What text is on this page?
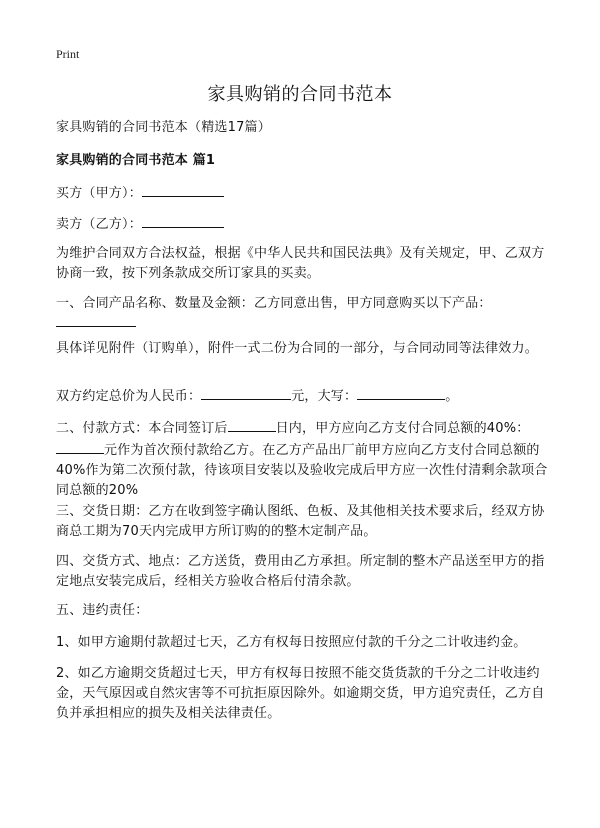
Print
家具购销的合同书范本
家具购销的合同书范本（精选17篇）
家具购销的合同书范本 篇1
买方（甲方）：
卖方（乙方）：
为维护合同双方合法权益，根据《中华人民共和国民法典》及有关规定，甲、乙双方协商一致，按下列条款成交所订家具的买卖。
一、合同产品名称、数量及金额：乙方同意出售，甲方同意购买以下产品：
具体详见附件（订购单），附件一式二份为合同的一部分，与合同动同等法律效力。
双方约定总价为人民币：	元，大写：	。
二、付款方式：本合同签订后	日内，甲方应向乙方支付合同总额的40%：元作为首次预付款给乙方。在乙方产品出厂前甲方应向乙方支付合同总额的40%作为第二次预付款，待该项目安装以及验收完成后甲方应一次性付清剩余款项合同总额的20%
三、交货日期：乙方在收到签字确认图纸、色板、及其他相关技术要求后，经双方协商总工期为70天内完成甲方所订购的的整木定制产品。
四、交货方式、地点：乙方送货，费用由乙方承担。所定制的整木产品送至甲方的指定地点安装完成后，经相关方验收合格后付清余款。
五、违约责任：
1、如甲方逾期付款超过七天，乙方有权每日按照应付款的千分之二计收违约金。
2、如乙方逾期交货超过七天，甲方有权每日按照不能交货货款的千分之二计收违约金，天气原因或自然灾害等不可抗拒原因除外。如逾期交货，甲方追究责任，乙方自负并承担相应的损失及相关法律责任。
